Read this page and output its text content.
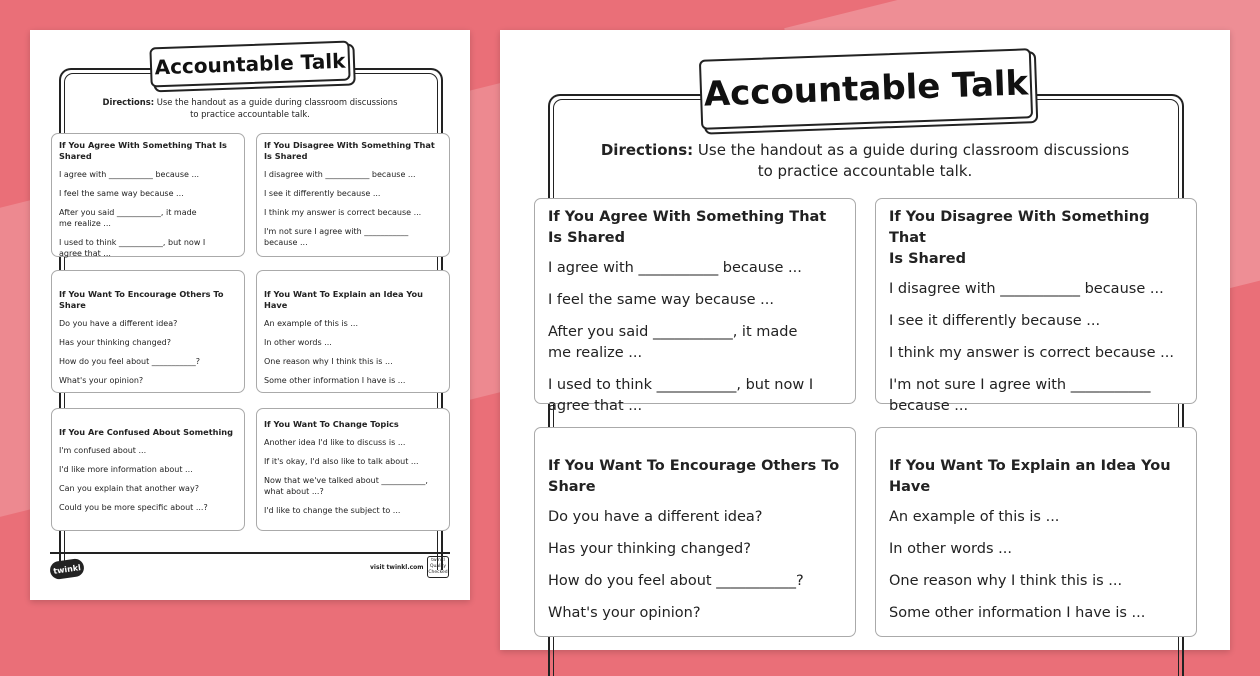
Accountable Talk
Directions: Use the handout as a guide during classroom discussions
to practice accountable talk.
If You Agree With Something That Is Shared
I agree with ___________ because ...
I feel the same way because ...
After you said ___________, it made
me realize ...
I used to think ___________, but now I
agree that ...
If You Disagree With Something That
Is Shared
I disagree with ___________ because ...
I see it differently because ...
I think my answer is correct because ...
I'm not sure I agree with ___________
because ...
If You Want To Encourage Others To Share
Do you have a different idea?
Has your thinking changed?
How do you feel about ___________?
What's your opinion?
If You Want To Explain an Idea You Have
An example of this is ...
In other words ...
One reason why I think this is ...
Some other information I have is ...
If You Are Confused About Something
I'm confused about ...
I'd like more information about ...
Can you explain that another way?
Could you be more specific about ...?
If You Want To Change Topics
Another idea I'd like to discuss is ...
If it's okay, I'd also like to talk about ...
Now that we've talked about ___________,
what about ...?
I'd like to change the subject to ...
twinkl	visit twinkl.com
twinkl
Quality
Checked
Accountable Talk
Directions: Use the handout as a guide during classroom discussions
to practice accountable talk.
If You Agree With Something That Is Shared
I agree with ___________ because ...
I feel the same way because ...
After you said ___________, it made
me realize ...
I used to think ___________, but now I
agree that ...
If You Disagree With Something That
Is Shared
I disagree with ___________ because ...
I see it differently because ...
I think my answer is correct because ...
I'm not sure I agree with ___________
because ...
If You Want To Encourage Others To Share
Do you have a different idea?
Has your thinking changed?
How do you feel about ___________?
What's your opinion?
If You Want To Explain an Idea You Have
An example of this is ...
In other words ...
One reason why I think this is ...
Some other information I have is ...
